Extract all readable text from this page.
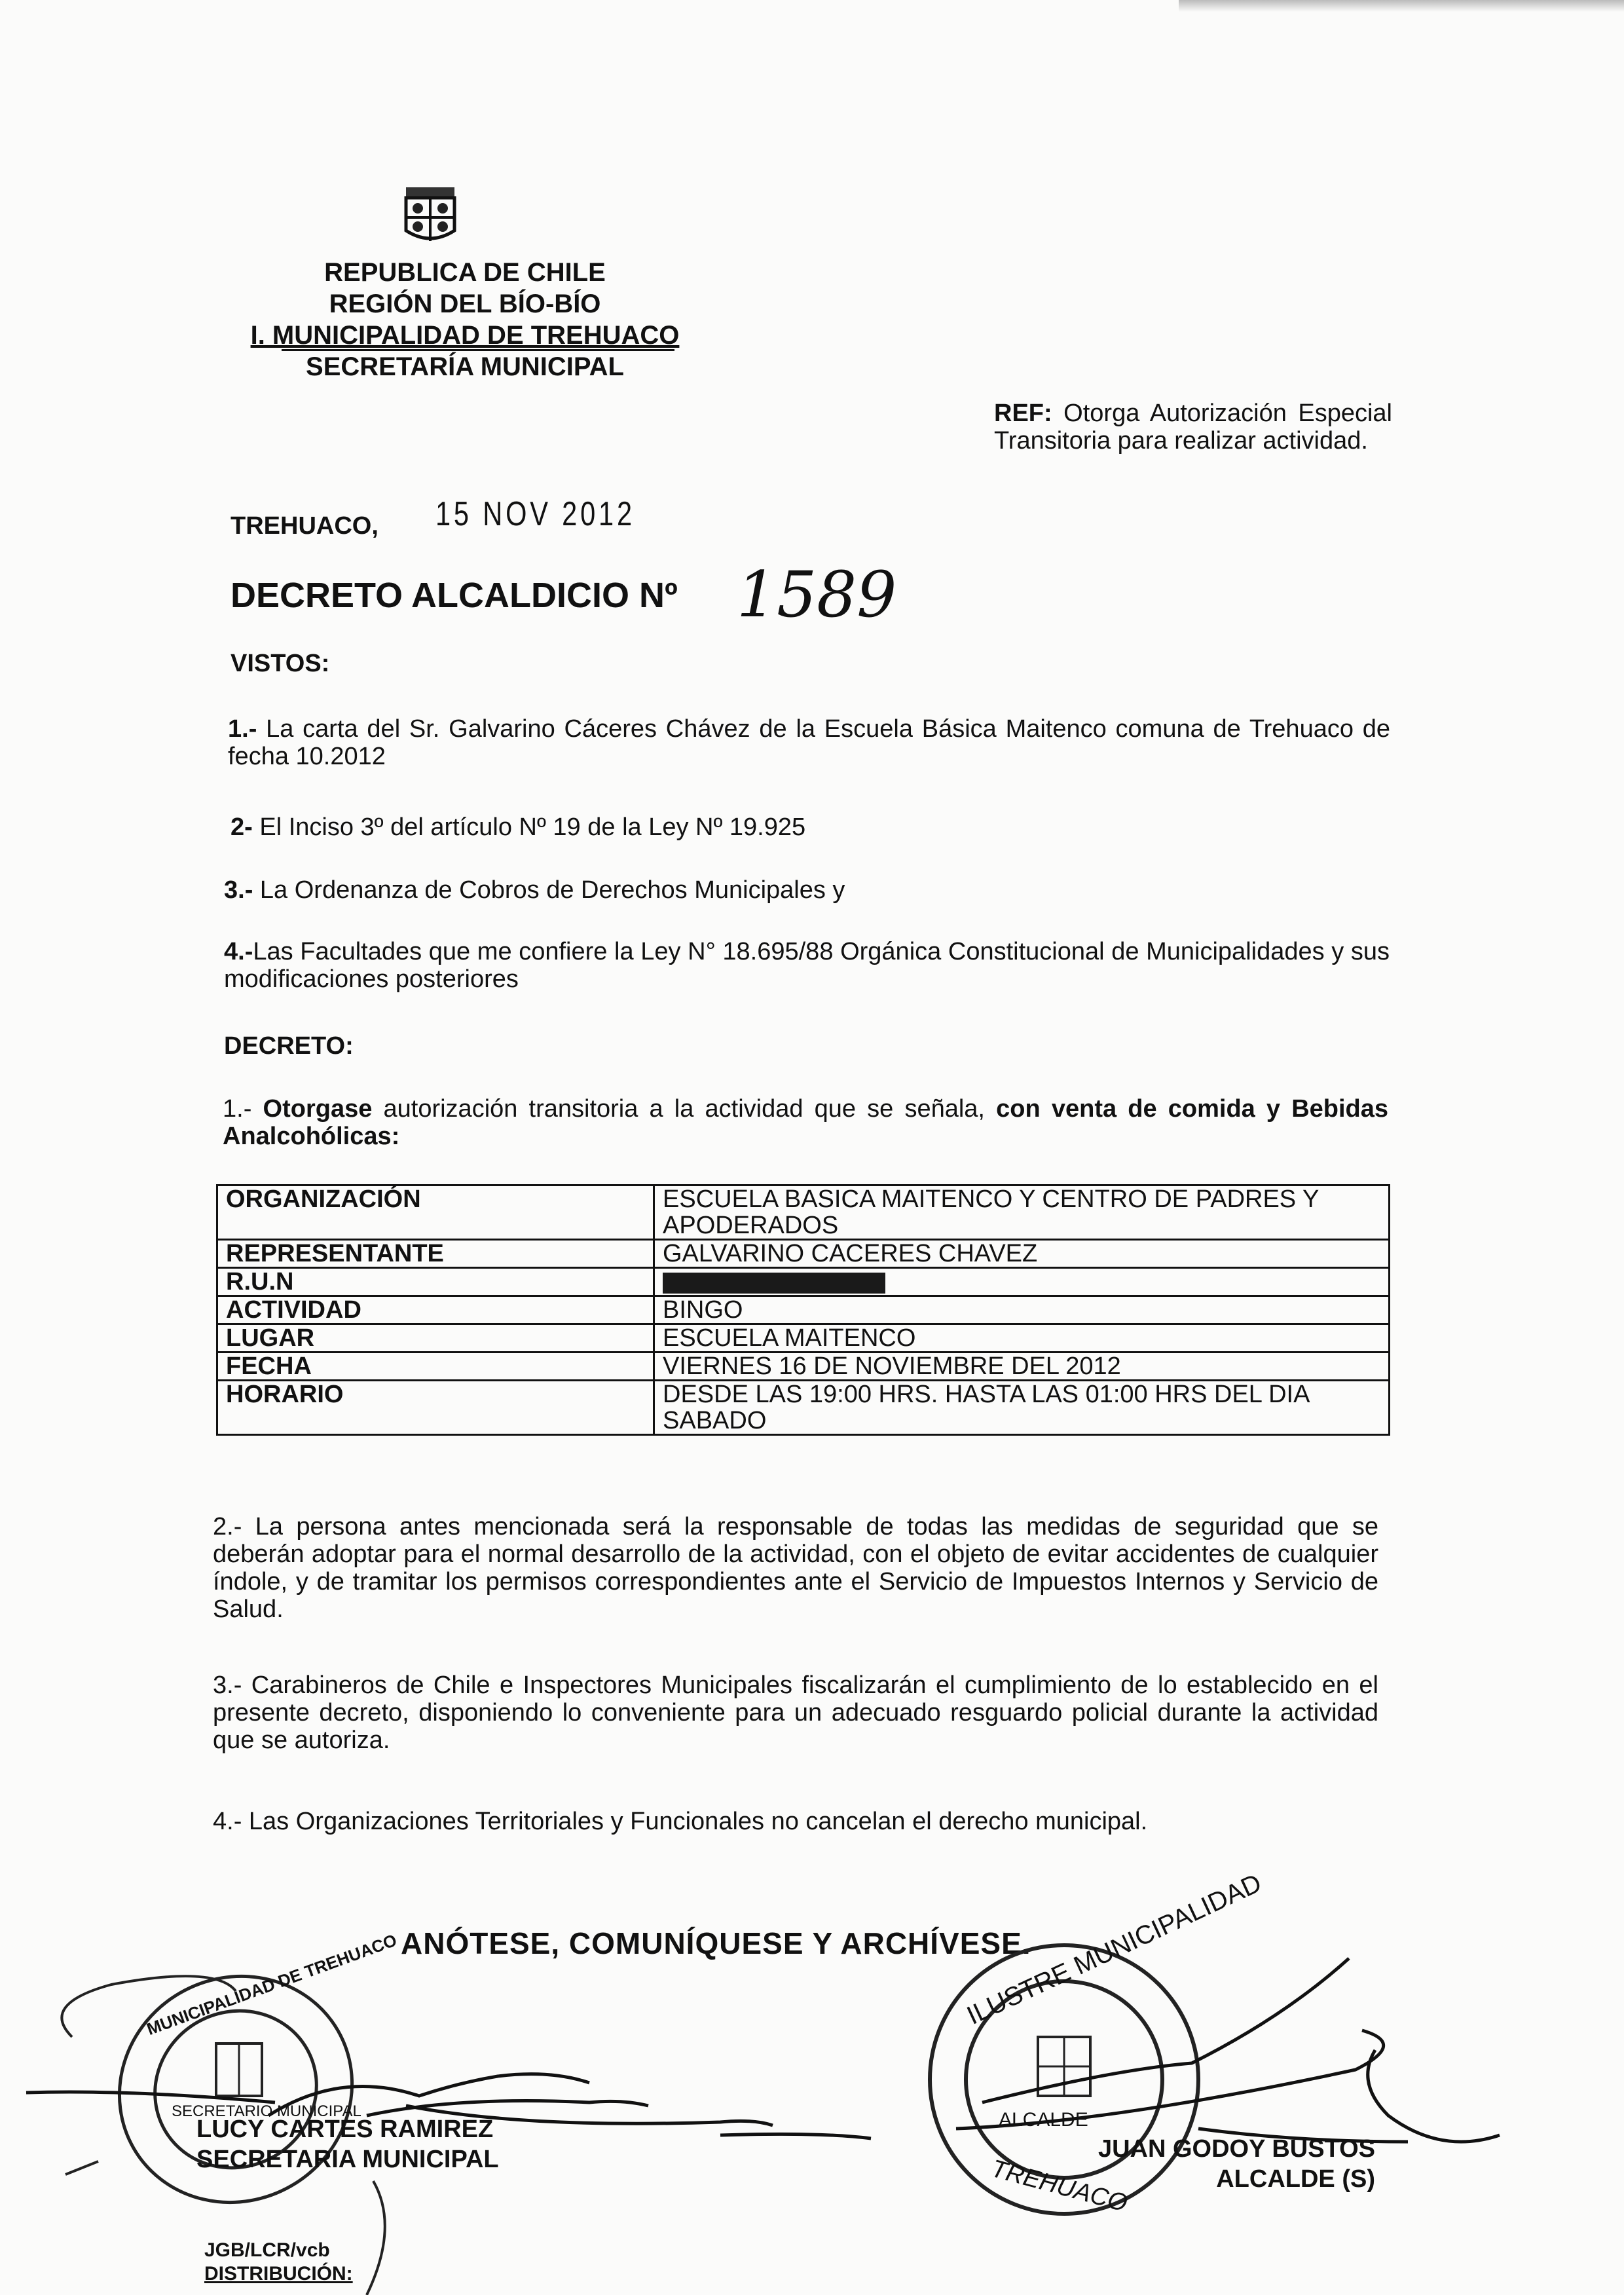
REPUBLICA DE CHILE
REGIÓN DEL BÍO-BÍO
I. MUNICIPALIDAD DE TREHUACO
SECRETARÍA MUNICIPAL
REF: Otorga Autorización Especial Transitoria para realizar actividad.
TREHUACO, 15 NOV 2012
DECRETO ALCALDICIO Nº 1589
VISTOS:
1.- La carta del Sr. Galvarino Cáceres Chávez de la Escuela Básica Maitenco comuna de Trehuaco de fecha 10.2012
2- El Inciso 3º del artículo Nº 19 de la Ley Nº 19.925
3.- La Ordenanza de Cobros de Derechos Municipales y
4.-Las Facultades que me confiere la Ley N° 18.695/88 Orgánica Constitucional de Municipalidades y sus modificaciones posteriores
DECRETO:
1.- Otorgase autorización transitoria a la actividad que se señala, con venta de comida y Bebidas Analcohólicas:
ORGANIZACIÓN	ESCUELA BASICA MAITENCO Y CENTRO DE PADRES Y APODERADOS
REPRESENTANTE	GALVARINO CACERES CHAVEZ
R.U.N	
ACTIVIDAD	BINGO
LUGAR	ESCUELA MAITENCO
FECHA	VIERNES 16 DE NOVIEMBRE DEL 2012
HORARIO	DESDE LAS 19:00 HRS. HASTA LAS 01:00 HRS DEL DIA SABADO
2.- La persona antes mencionada será la responsable de todas las medidas de seguridad que se deberán adoptar para el normal desarrollo de la actividad, con el objeto de evitar accidentes de cualquier índole, y de tramitar los permisos correspondientes ante el Servicio de Impuestos Internos y Servicio de Salud.
3.- Carabineros de Chile e Inspectores Municipales fiscalizarán el cumplimiento de lo establecido en el presente decreto, disponiendo lo conveniente para un adecuado resguardo policial durante la actividad que se autoriza.
4.- Las Organizaciones Territoriales y Funcionales no cancelan el derecho municipal.
ANÓTESE, COMUNÍQUESE Y ARCHÍVESE.
MUNICIPALIDAD DE TREHUACO
SECRETARIO MUNICIPAL
ILUSTRE MUNICIPALIDAD
TREHUACO
ALCALDE
LUCY CARTES RAMIREZ
SECRETARIA MUNICIPAL	JUAN GODOY BUSTOS
ALCALDE (S)
JGB/LCR/vcb
DISTRIBUCIÓN:
